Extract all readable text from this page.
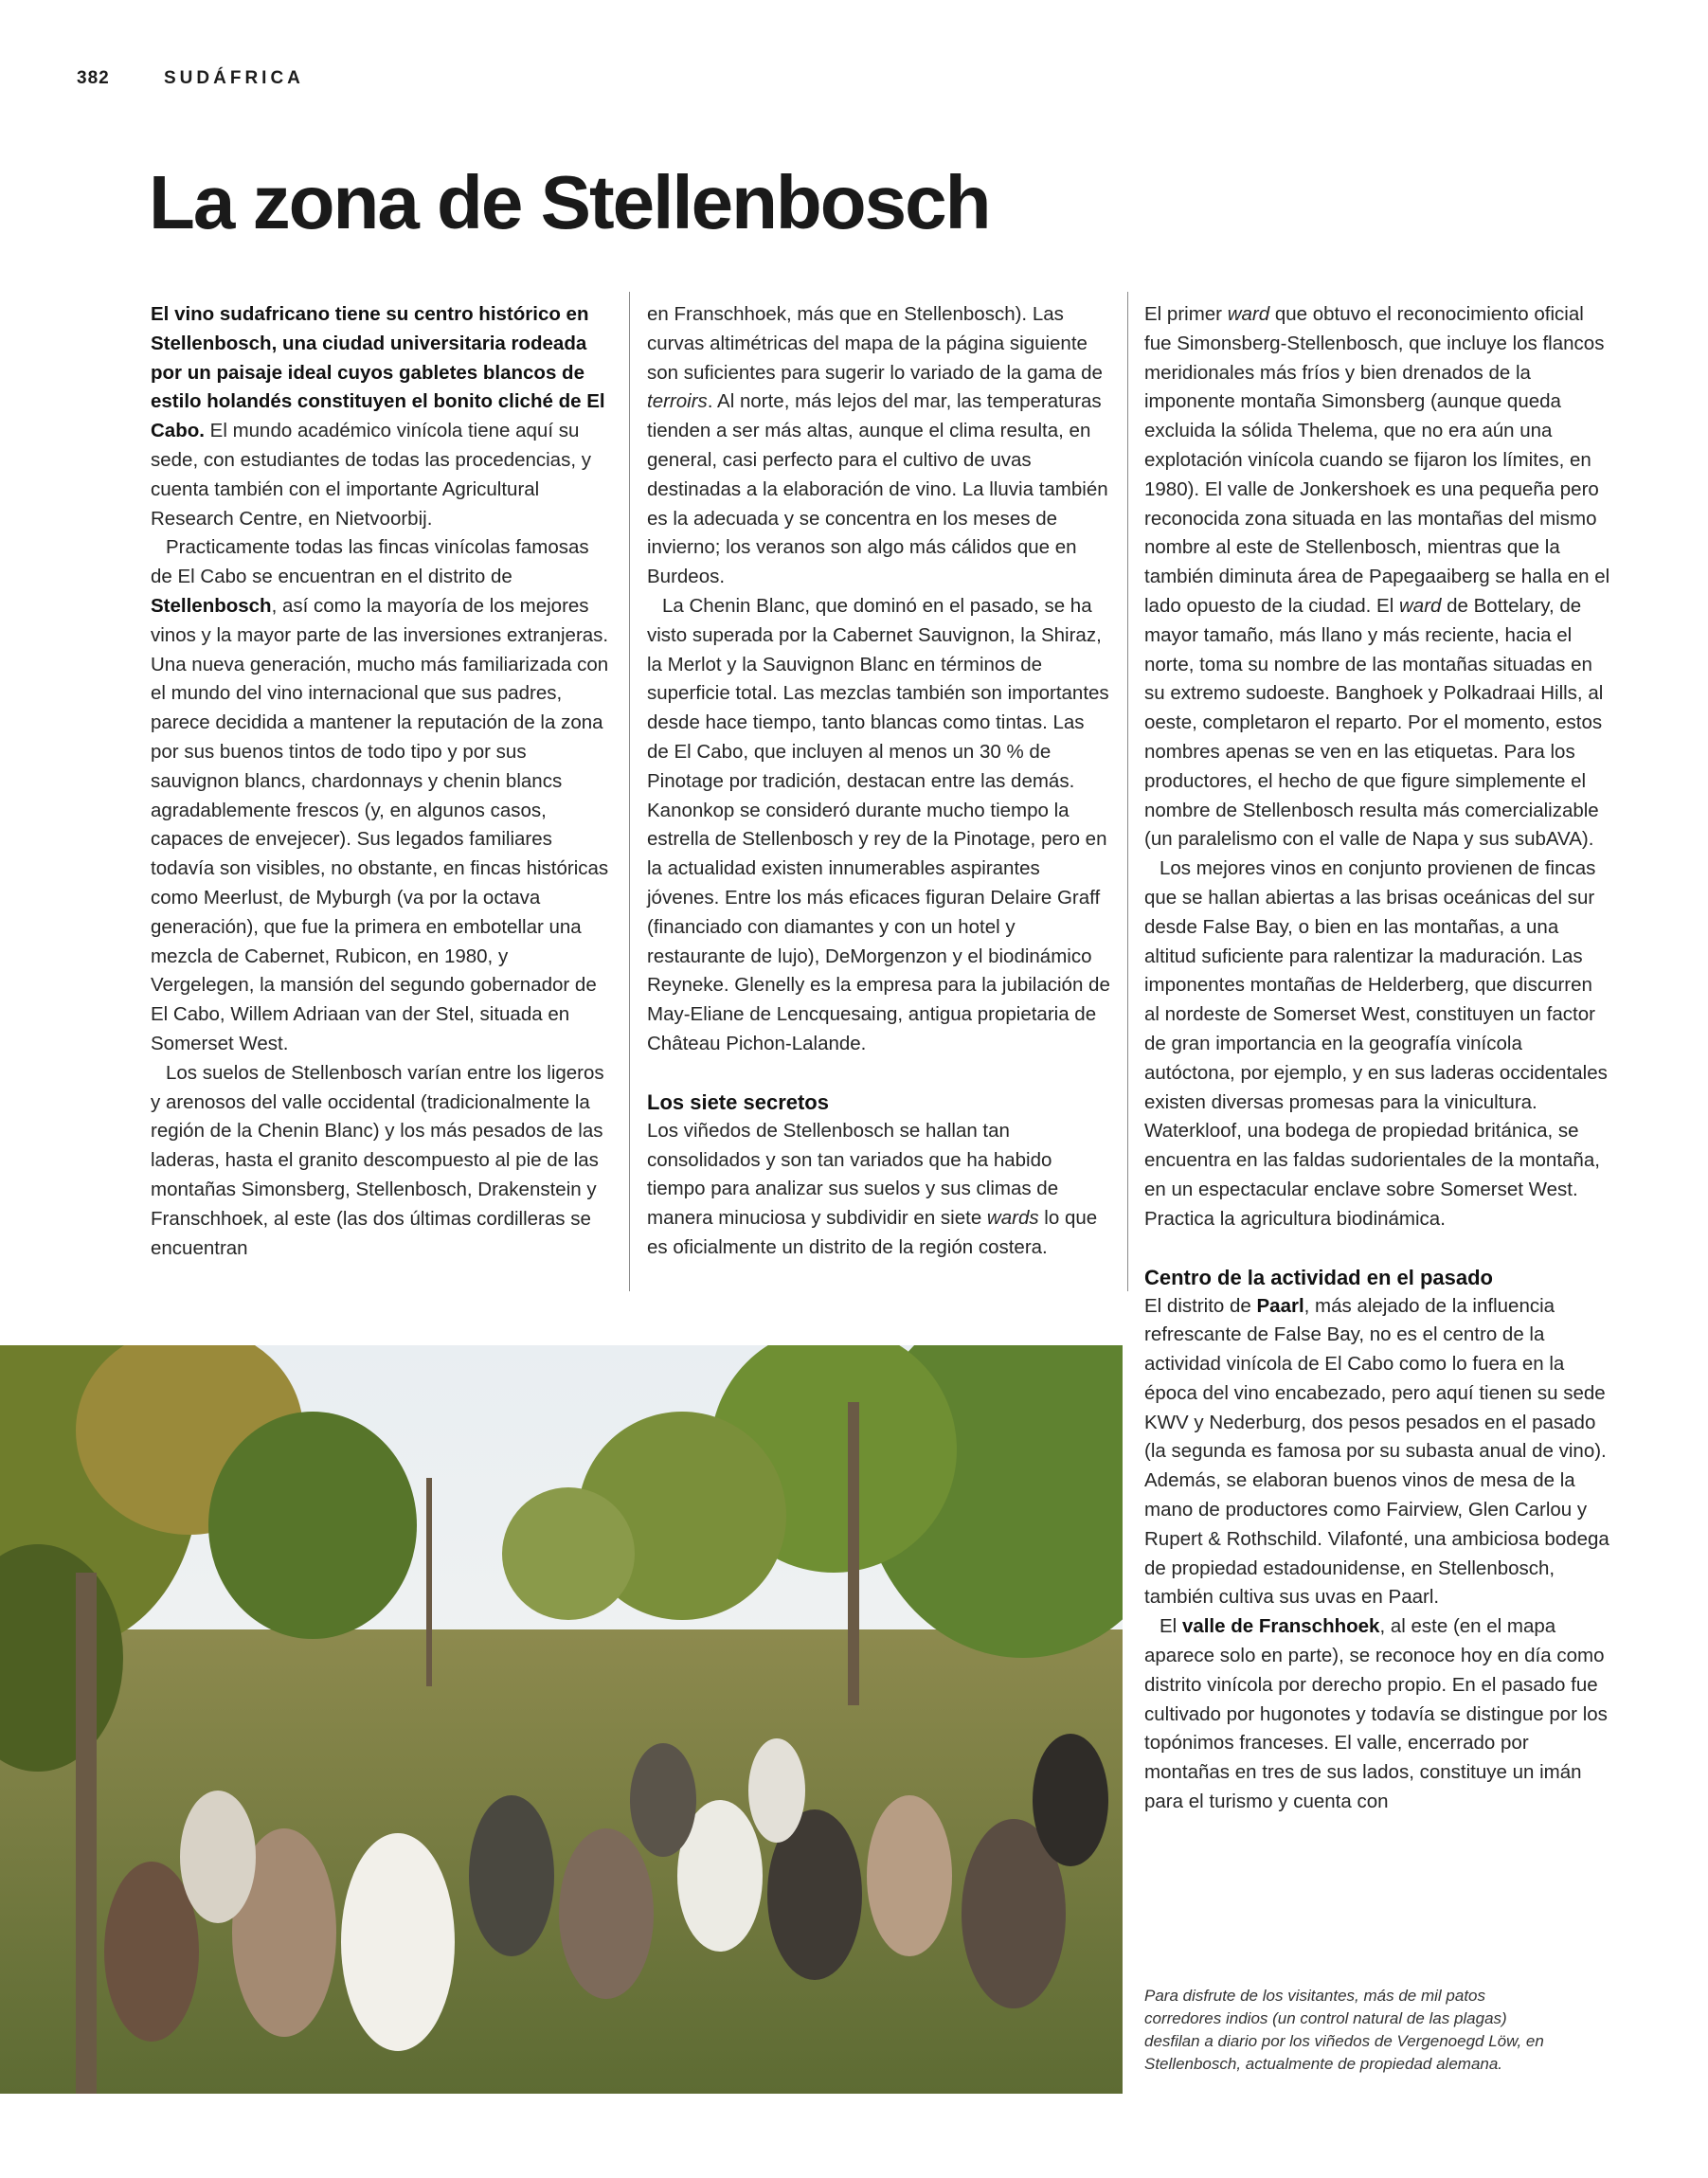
382	SUDÁFRICA
La zona de Stellenbosch

El vino sudafricano tiene su centro histórico en Stellenbosch, una ciudad universitaria rodeada por un paisaje ideal cuyos gabletes blancos de estilo holandés constituyen el bonito cliché de El Cabo. El mundo académico vinícola tiene aquí su sede, con estudiantes de todas las procedencias, y cuenta también con el importante Agricultural Research Centre, en Nietvoorbij.

Practicamente todas las fincas vinícolas famosas de El Cabo se encuentran en el distrito de Stellenbosch, así como la mayoría de los mejores vinos y la mayor parte de las inversiones extranjeras. Una nueva generación, mucho más familiarizada con el mundo del vino internacional que sus padres, parece decidida a mantener la reputación de la zona por sus buenos tintos de todo tipo y por sus sauvignon blancs, chardonnays y chenin blancs agradablemente frescos (y, en algunos casos, capaces de envejecer). Sus legados familiares todavía son visibles, no obstante, en fincas históricas como Meerlust, de Myburgh (va por la octava generación), que fue la primera en embotellar una mezcla de Cabernet, Rubicon, en 1980, y Vergelegen, la mansión del segundo gobernador de El Cabo, Willem Adriaan van der Stel, situada en Somerset West.

Los suelos de Stellenbosch varían entre los ligeros y arenosos del valle occidental (tradicionalmente la región de la Chenin Blanc) y los más pesados de las laderas, hasta el granito descompuesto al pie de las montañas Simonsberg, Stellenbosch, Drakenstein y Franschhoek, al este (las dos últimas cordilleras se encuentran

en Franschhoek, más que en Stellenbosch). Las curvas altimétricas del mapa de la página siguiente son suficientes para sugerir lo variado de la gama de terroirs. Al norte, más lejos del mar, las temperaturas tienden a ser más altas, aunque el clima resulta, en general, casi perfecto para el cultivo de uvas destinadas a la elaboración de vino. La lluvia también es la adecuada y se concentra en los meses de invierno; los veranos son algo más cálidos que en Burdeos.

La Chenin Blanc, que dominó en el pasado, se ha visto superada por la Cabernet Sauvignon, la Shiraz, la Merlot y la Sauvignon Blanc en términos de superficie total. Las mezclas también son importantes desde hace tiempo, tanto blancas como tintas. Las de El Cabo, que incluyen al menos un 30 % de Pinotage por tradición, destacan entre las demás. Kanonkop se consideró durante mucho tiempo la estrella de Stellenbosch y rey de la Pinotage, pero en la actualidad existen innumerables aspirantes jóvenes. Entre los más eficaces figuran Delaire Graff (financiado con diamantes y con un hotel y restaurante de lujo), DeMorgenzon y el biodinámico Reyneke. Glenelly es la empresa para la jubilación de May-Eliane de Lencquesaing, antigua propietaria de Château Pichon-Lalande.

Los siete secretos

Los viñedos de Stellenbosch se hallan tan consolidados y son tan variados que ha habido tiempo para analizar sus suelos y sus climas de manera minuciosa y subdividir en siete wards lo que es oficialmente un distrito de la región costera.

El primer ward que obtuvo el reconocimiento oficial fue Simonsberg-Stellenbosch, que incluye los flancos meridionales más fríos y bien drenados de la imponente montaña Simonsberg (aunque queda excluida la sólida Thelema, que no era aún una explotación vinícola cuando se fijaron los límites, en 1980). El valle de Jonkershoek es una pequeña pero reconocida zona situada en las montañas del mismo nombre al este de Stellenbosch, mientras que la también diminuta área de Papegaaiberg se halla en el lado opuesto de la ciudad. El ward de Bottelary, de mayor tamaño, más llano y más reciente, hacia el norte, toma su nombre de las montañas situadas en su extremo sudoeste. Banghoek y Polkadraai Hills, al oeste, completaron el reparto. Por el momento, estos nombres apenas se ven en las etiquetas. Para los productores, el hecho de que figure simplemente el nombre de Stellenbosch resulta más comercializable (un paralelismo con el valle de Napa y sus subAVA).

Los mejores vinos en conjunto provienen de fincas que se hallan abiertas a las brisas oceánicas del sur desde False Bay, o bien en las montañas, a una altitud suficiente para ralentizar la maduración. Las imponentes montañas de Helderberg, que discurren al nordeste de Somerset West, constituyen un factor de gran importancia en la geografía vinícola autóctona, por ejemplo, y en sus laderas occidentales existen diversas promesas para la vinicultura. Waterkloof, una bodega de propiedad británica, se encuentra en las faldas sudorientales de la montaña, en un espectacular enclave sobre Somerset West. Practica la agricultura biodinámica.

Centro de la actividad en el pasado

El distrito de Paarl, más alejado de la influencia refrescante de False Bay, no es el centro de la actividad vinícola de El Cabo como lo fuera en la época del vino encabezado, pero aquí tienen su sede KWV y Nederburg, dos pesos pesados en el pasado (la segunda es famosa por su subasta anual de vino). Además, se elaboran buenos vinos de mesa de la mano de productores como Fairview, Glen Carlou y Rupert & Rothschild. Vilafonté, una ambiciosa bodega de propiedad estadounidense, en Stellenbosch, también cultiva sus uvas en Paarl.

El valle de Franschhoek, al este (en el mapa aparece solo en parte), se reconoce hoy en día como distrito vinícola por derecho propio. En el pasado fue cultivado por hugonotes y todavía se distingue por los topónimos franceses. El valle, encerrado por montañas en tres de sus lados, constituye un imán para el turismo y cuenta con

Para disfrute de los visitantes, más de mil patos corredores indios (un control natural de las plagas) desfilan a diario por los viñedos de Vergenoegd Löw, en Stellenbosch, actualmente de propiedad alemana.
